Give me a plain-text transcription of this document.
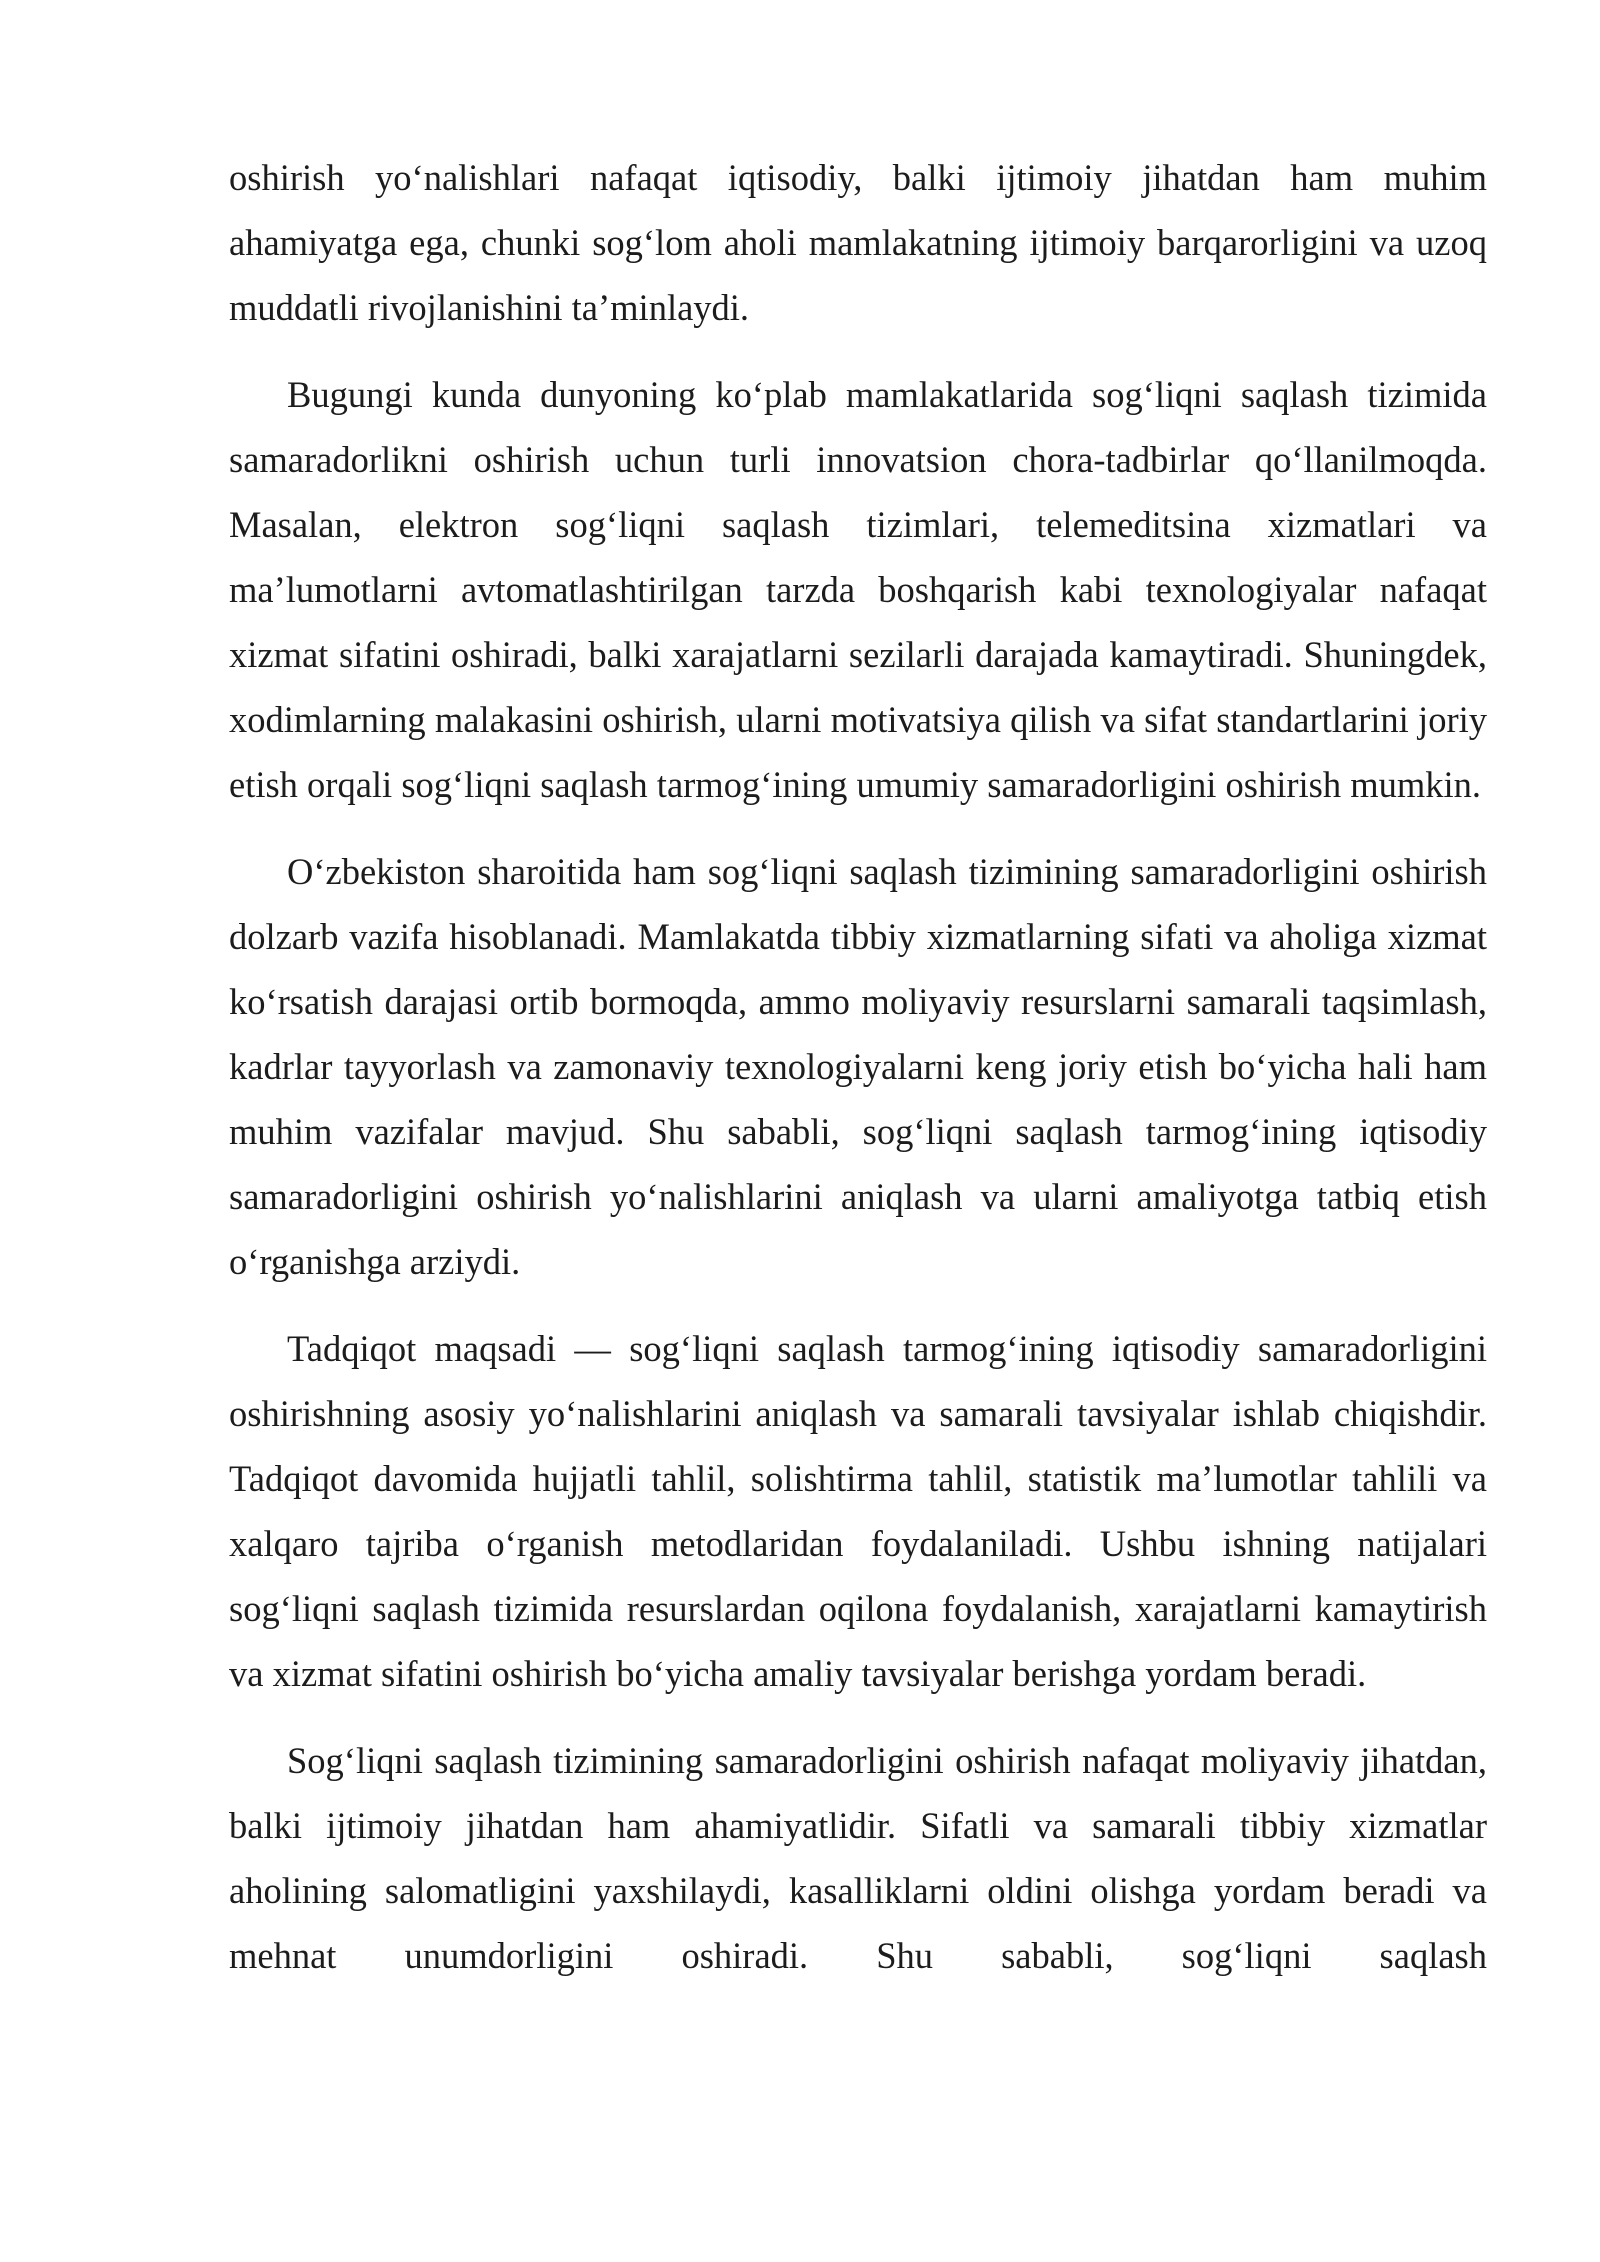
oshirish yo‘nalishlari nafaqat iqtisodiy, balki ijtimoiy jihatdan ham muhim ahamiyatga ega, chunki sog‘lom aholi mamlakatning ijtimoiy barqarorligini va uzoq muddatli rivojlanishini ta’minlaydi.

Bugungi kunda dunyoning ko‘plab mamlakatlarida sog‘liqni saqlash tizimida samaradorlikni oshirish uchun turli innovatsion chora-tadbirlar qo‘llanilmoqda. Masalan, elektron sog‘liqni saqlash tizimlari, telemeditsina xizmatlari va ma’lumotlarni avtomatlashtirilgan tarzda boshqarish kabi texnologiyalar nafaqat xizmat sifatini oshiradi, balki xarajatlarni sezilarli darajada kamaytiradi. Shuningdek, xodimlarning malakasini oshirish, ularni motivatsiya qilish va sifat standartlarini joriy etish orqali sog‘liqni saqlash tarmog‘ining umumiy samaradorligini oshirish mumkin.

O‘zbekiston sharoitida ham sog‘liqni saqlash tizimining samaradorligini oshirish dolzarb vazifa hisoblanadi. Mamlakatda tibbiy xizmatlarning sifati va aholiga xizmat ko‘rsatish darajasi ortib bormoqda, ammo moliyaviy resurslarni samarali taqsimlash, kadrlar tayyorlash va zamonaviy texnologiyalarni keng joriy etish bo‘yicha hali ham muhim vazifalar mavjud. Shu sababli, sog‘liqni saqlash tarmog‘ining iqtisodiy samaradorligini oshirish yo‘nalishlarini aniqlash va ularni amaliyotga tatbiq etish o‘rganishga arziydi.

Tadqiqot maqsadi — sog‘liqni saqlash tarmog‘ining iqtisodiy samaradorligini oshirishning asosiy yo‘nalishlarini aniqlash va samarali tavsiyalar ishlab chiqishdir. Tadqiqot davomida hujjatli tahlil, solishtirma tahlil, statistik ma’lumotlar tahlili va xalqaro tajriba o‘rganish metodlaridan foydalaniladi. Ushbu ishning natijalari sog‘liqni saqlash tizimida resurslardan oqilona foydalanish, xarajatlarni kamaytirish va xizmat sifatini oshirish bo‘yicha amaliy tavsiyalar berishga yordam beradi.

Sog‘liqni saqlash tizimining samaradorligini oshirish nafaqat moliyaviy jihatdan, balki ijtimoiy jihatdan ham ahamiyatlidir. Sifatli va samarali tibbiy xizmatlar aholining salomatligini yaxshilaydi, kasalliklarni oldini olishga yordam beradi va mehnat unumdorligini oshiradi. Shu sababli, sog‘liqni saqlash
